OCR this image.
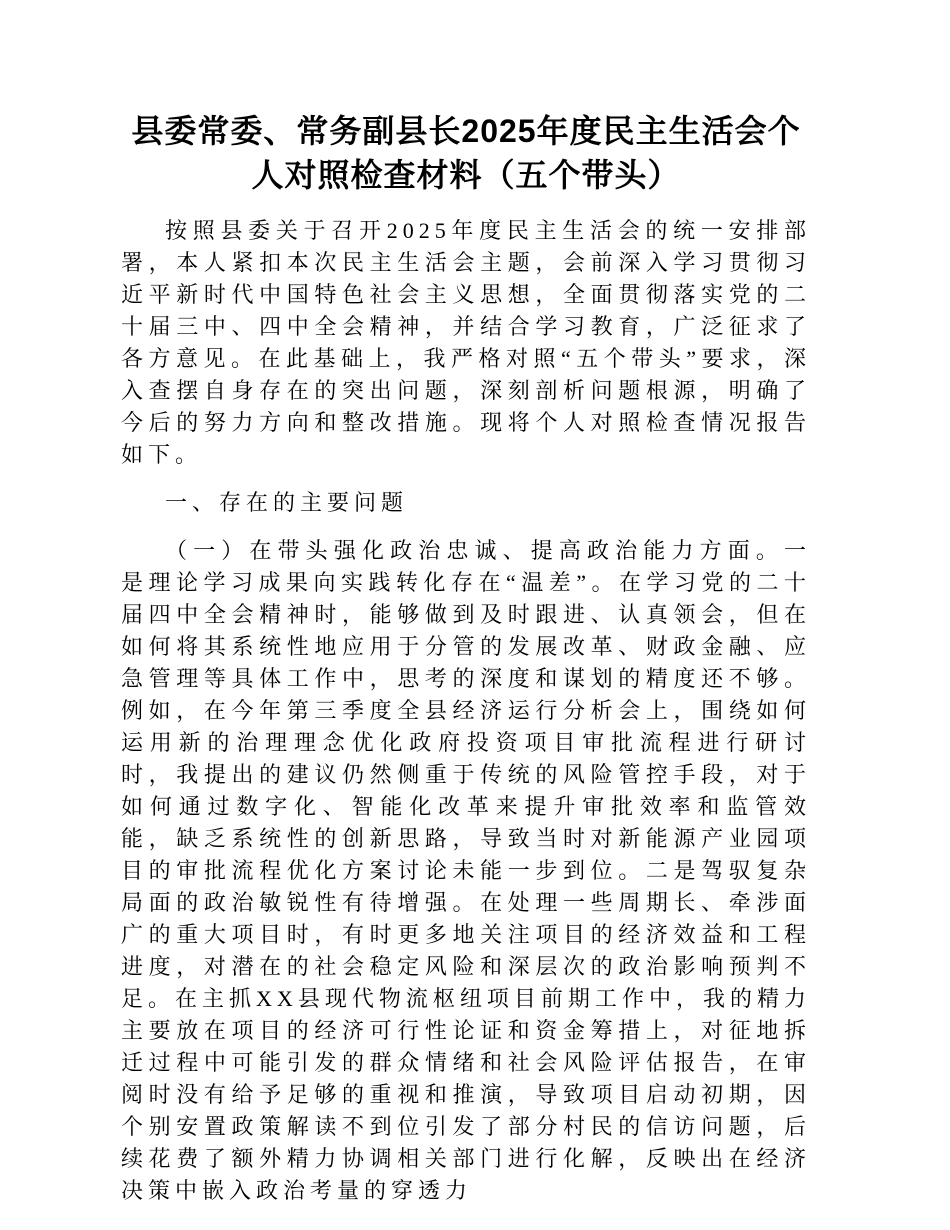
县委常委、常务副县长2025年度民主生活会个人对照检查材料（五个带头）

按照县委关于召开2025年度民主生活会的统一安排部署，本人紧扣本次民主生活会主题，会前深入学习贯彻习近平新时代中国特色社会主义思想，全面贯彻落实党的二十届三中、四中全会精神，并结合学习教育，广泛征求了各方意见。在此基础上，我严格对照“五个带头”要求，深入查摆自身存在的突出问题，深刻剖析问题根源，明确了今后的努力方向和整改措施。现将个人对照检查情况报告如下。

一、存在的主要问题

（一）在带头强化政治忠诚、提高政治能力方面。一是理论学习成果向实践转化存在“温差”。在学习党的二十届四中全会精神时，能够做到及时跟进、认真领会，但在如何将其系统性地应用于分管的发展改革、财政金融、应急管理等具体工作中，思考的深度和谋划的精度还不够。例如，在今年第三季度全县经济运行分析会上，围绕如何运用新的治理理念优化政府投资项目审批流程进行研讨时，我提出的建议仍然侧重于传统的风险管控手段，对于如何通过数字化、智能化改革来提升审批效率和监管效能，缺乏系统性的创新思路，导致当时对新能源产业园项目的审批流程优化方案讨论未能一步到位。二是驾驭复杂局面的政治敏锐性有待增强。在处理一些周期长、牵涉面广的重大项目时，有时更多地关注项目的经济效益和工程进度，对潜在的社会稳定风险和深层次的政治影响预判不足。在主抓XX县现代物流枢纽项目前期工作中，我的精力主要放在项目的经济可行性论证和资金筹措上，对征地拆迁过程中可能引发的群众情绪和社会风险评估报告，在审阅时没有给予足够的重视和推演，导致项目启动初期，因个别安置政策解读不到位引发了部分村民的信访问题，后续花费了额外精力协调相关部门进行化解，反映出在经济决策中嵌入政治考量的穿透力
